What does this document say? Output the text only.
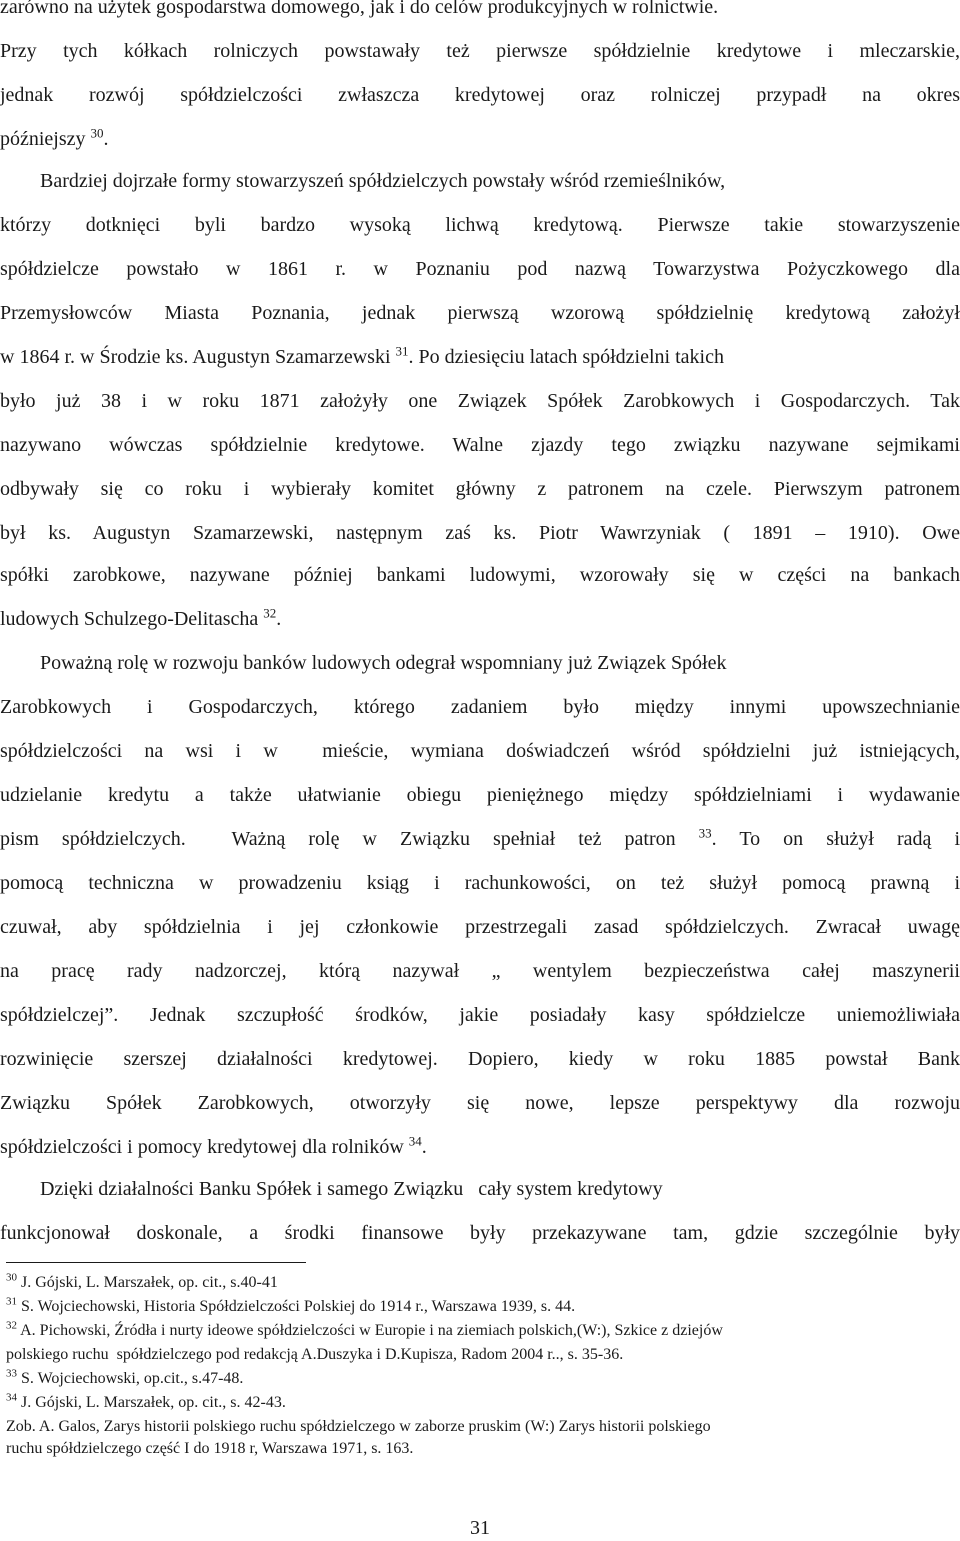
zarówno na użytek gospodarstwa domowego, jak i do celów produkcyjnych w rolnictwie.
Przy tych kółkach rolniczych powstawały też pierwsze spółdzielnie kredytowe i mleczarskie,
jednak rozwój spółdzielczości zwłaszcza kredytowej oraz rolniczej przypadł na okres
późniejszy $^{30}$.
Bardziej dojrzałe formy stowarzyszeń spółdzielczych powstały wśród rzemieślników,
którzy dotknięci byli bardzo wysoką lichwą kredytową. Pierwsze takie stowarzyszenie
spółdzielcze powstało w 1861 r. w Poznaniu pod nazwą Towarzystwa Pożyczkowego dla
Przemysłowców Miasta Poznania, jednak pierwszą wzorową spółdzielnię kredytową założył
w 1864 r. w Środzie ks. Augustyn Szamarzewski $^{31}$. Po dziesięciu latach spółdzielni takich
było już 38 i w roku 1871 założyły one Związek Spółek Zarobkowych i Gospodarczych. Tak
nazywano wówczas spółdzielnie kredytowe. Walne zjazdy tego związku nazywane sejmikami
odbywały się co roku i wybierały komitet główny z patronem na czele. Pierwszym patronem
był ks. Augustyn Szamarzewski, następnym zaś ks. Piotr Wawrzyniak ( 1891 – 1910). Owe
spółki zarobkowe, nazywane później bankami ludowymi, wzorowały się w części na bankach
ludowych Schulzego-Delitascha $^{32}$.
Poważną rolę w rozwoju banków ludowych odegrał wspomniany już Związek Spółek
Zarobkowych i Gospodarczych, którego zadaniem było między innymi upowszechnianie
spółdzielczości na wsi i w  mieście, wymiana doświadczeń wśród spółdzielni już istniejących,
udzielanie kredytu a także ułatwianie obiegu pieniężnego między spółdzielniami i wydawanie
pism spółdzielczych.  Ważną rolę w Związku spełniał też patron $^{33}$. To on służył radą i
pomocą techniczna w prowadzeniu ksiąg i rachunkowości, on też służył pomocą prawną i
czuwał, aby spółdzielnia i jej członkowie przestrzegali zasad spółdzielczych. Zwracał uwagę
na pracę rady nadzorczej, którą nazywał „ wentylem bezpieczeństwa całej maszynerii
spółdzielczej”. Jednak szczupłość środków, jakie posiadały kasy spółdzielcze uniemożliwiała
rozwinięcie szerszej działalności kredytowej. Dopiero, kiedy w roku 1885 powstał Bank
Związku Spółek Zarobkowych, otworzyły się nowe, lepsze perspektywy dla rozwoju
spółdzielczości i pomocy kredytowej dla rolników $^{34}$.
Dzięki działalności Banku Spółek i samego Związku   cały system kredytowy
funkcjonował doskonale, a środki finansowe były przekazywane tam, gdzie szczególnie były
$^{30}$ J. Gójski, L. Marszałek, op. cit., s.40-41
$^{31}$ S. Wojciechowski, Historia Spółdzielczości Polskiej do 1914 r., Warszawa 1939, s. 44.
$^{32}$ A. Pichowski, Źródła i nurty ideowe spółdzielczości w Europie i na ziemiach polskich,(W:), Szkice z dziejów
polskiego ruchu  spółdzielczego pod redakcją A.Duszyka i D.Kupisza, Radom 2004 r.., s. 35-36.
$^{33}$ S. Wojciechowski, op.cit., s.47-48.
$^{34}$ J. Gójski, L. Marszałek, op. cit., s. 42-43.
Zob. A. Galos, Zarys historii polskiego ruchu spółdzielczego w zaborze pruskim (W:) Zarys historii polskiego
ruchu spółdzielczego część I do 1918 r, Warszawa 1971, s. 163.
31
